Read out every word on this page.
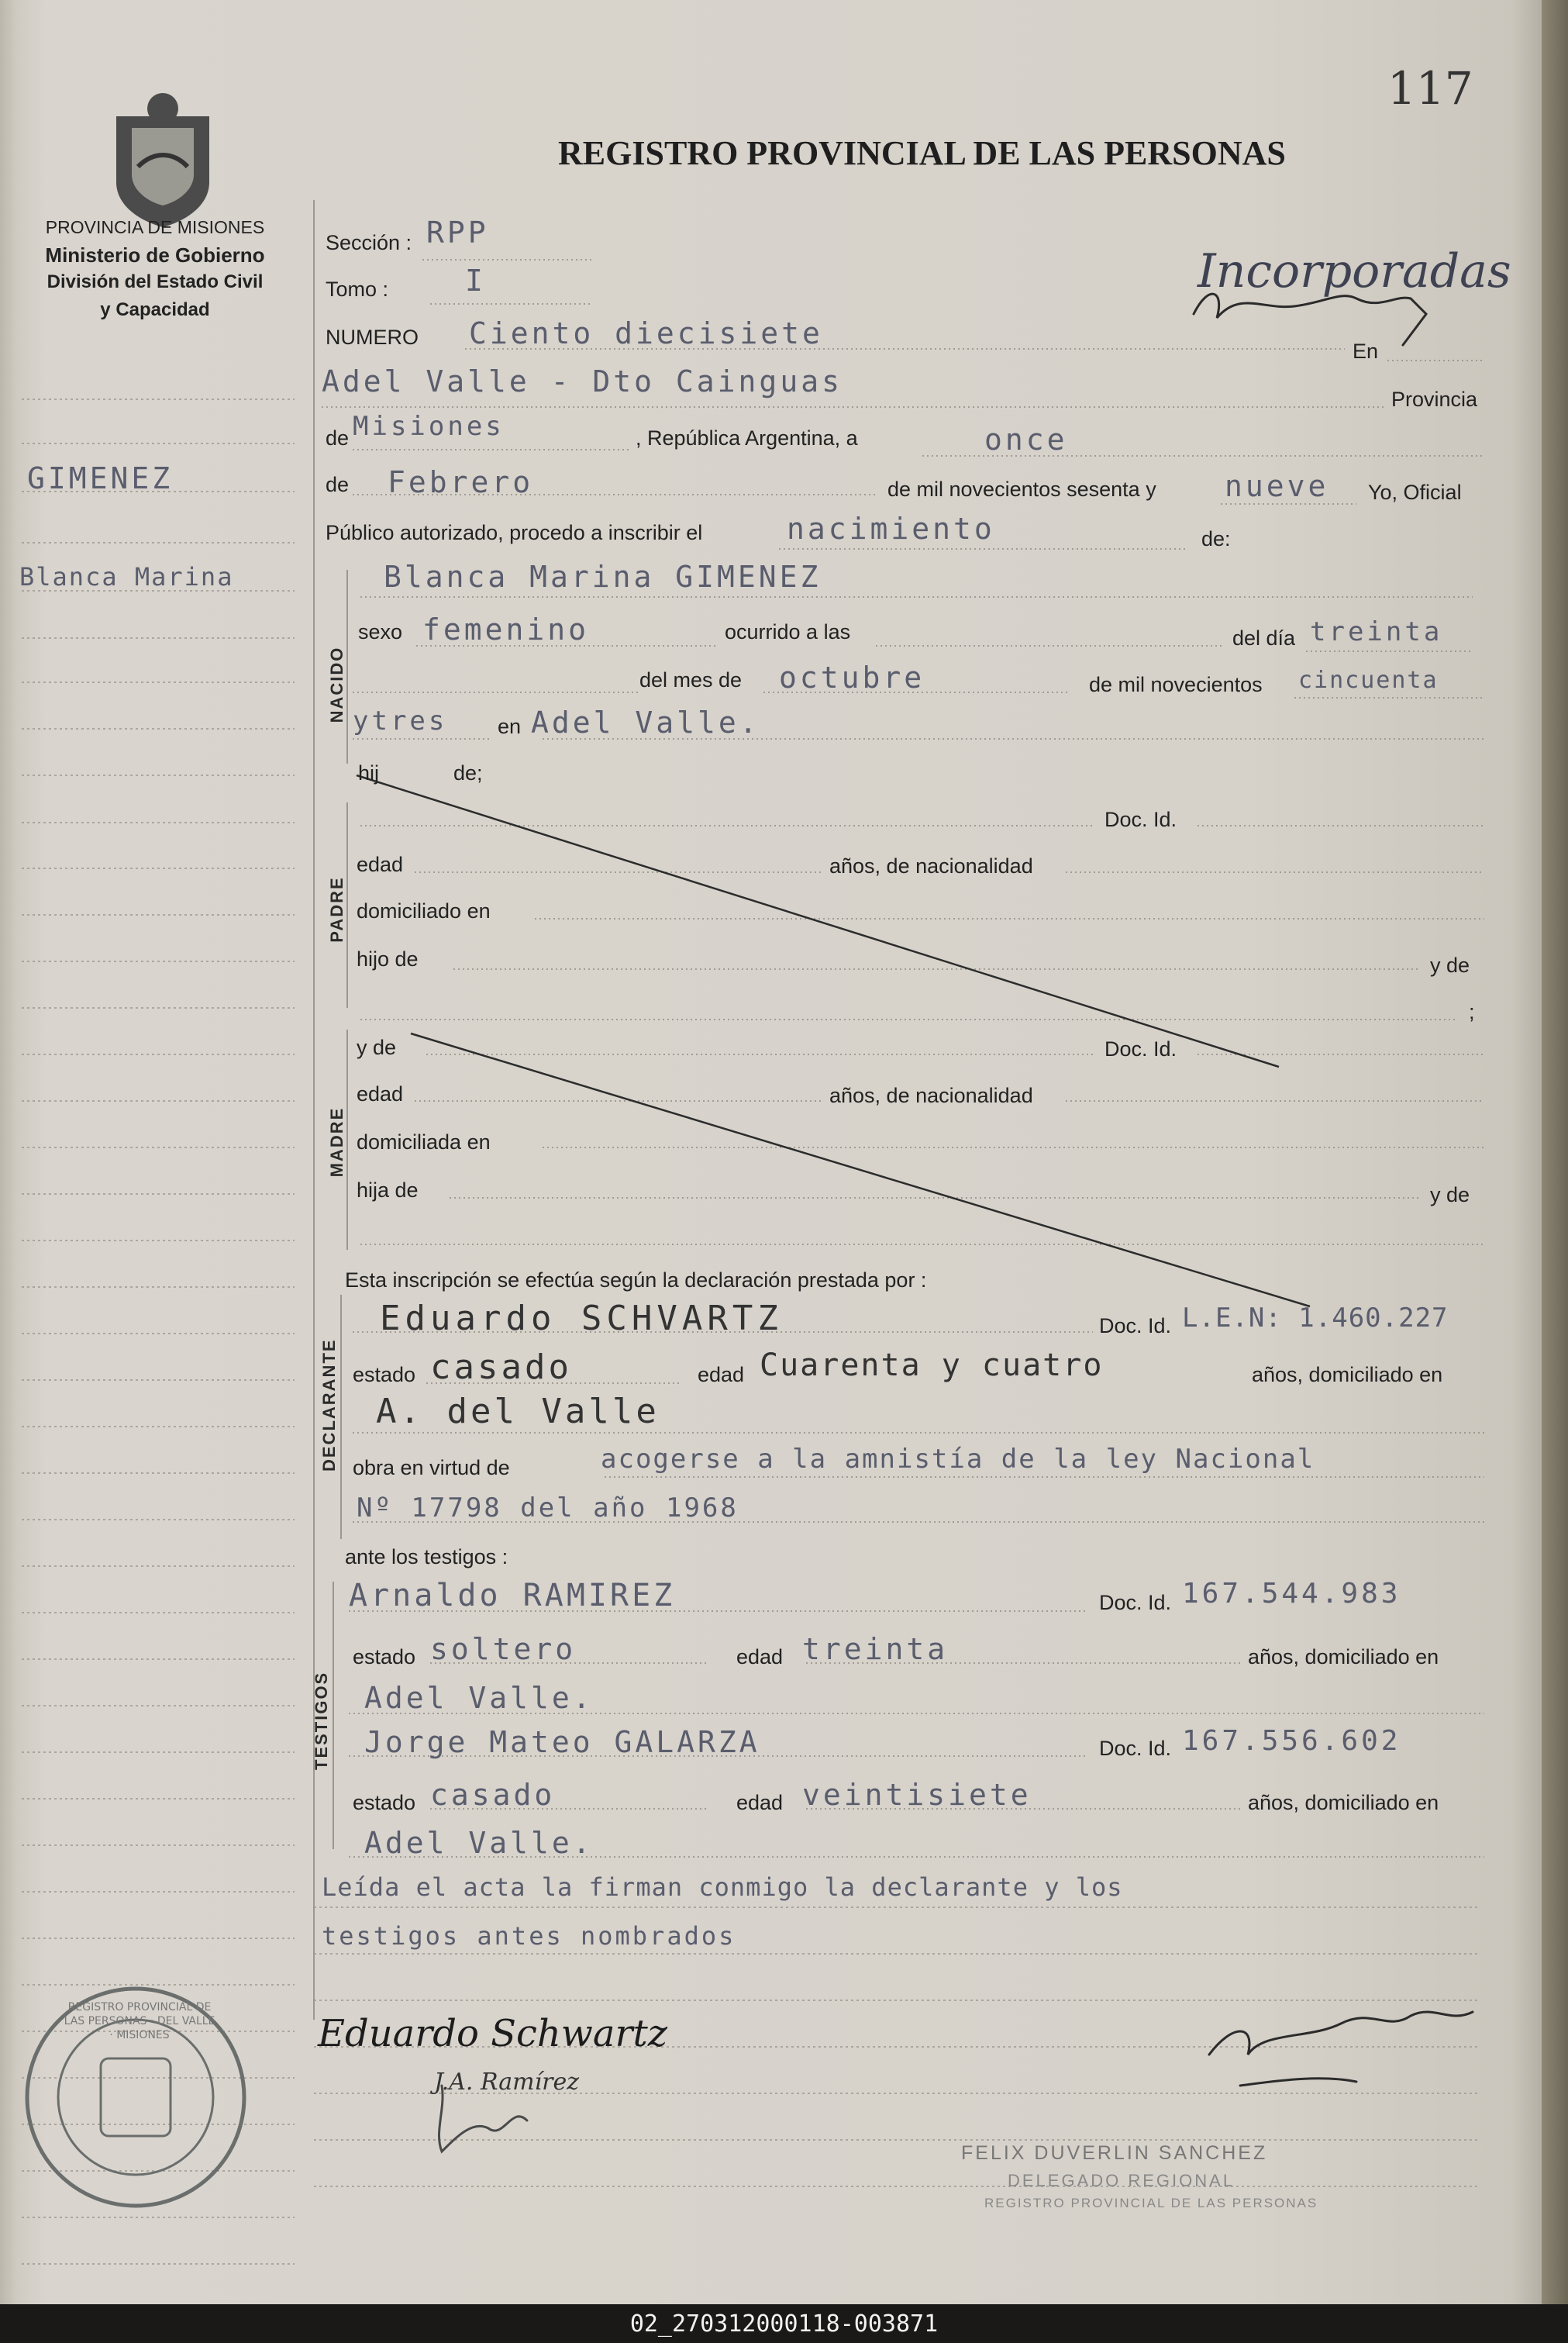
117
REGISTRO PROVINCIAL DE LAS PERSONAS
Incorporadas
PROVINCIA DE MISIONES
Ministerio de Gobierno
División del Estado Civil
y Capacidad
GIMENEZ
Blanca Marina
Sección : RPP
Tomo :	I
NUMERO Ciento diecisiete
En
Adel Valle - Dto Cainguas
Provincia
de Misiones	, República Argentina, a	once
de Febrero	de mil novecientos sesenta y nueve Yo, Oficial
Público autorizado, procedo a inscribir el	nacimiento	de:
Blanca Marina GIMENEZ
NACIDO
sexo femenino	ocurrido a las	del día treinta
del mes de octubre	de mil novecientos cincuenta
ytres en Adel Valle.
hij	de;
PADRE
Doc. Id.
edad	años, de nacionalidad
domiciliado en
hijo de	y de
;
MADRE
y de	Doc. Id.
edad	años, de nacionalidad
domiciliada en
hija de	y de
Esta inscripción se efectúa según la declaración prestada por :
DECLARANTE
Eduardo SCHVARTZ	Doc. Id. L.E.N: 1.460.227
estado casado	edad Cuarenta y cuatro	años, domiciliado en
A. del Valle
obra en virtud de	acogerse a la amnistía de la ley Nacional
Nº 17798 del año 1968
ante los testigos :
TESTIGOS
Arnaldo RAMIREZ	Doc. Id. 167.544.983
estado soltero	edad treinta	años, domiciliado en
Adel Valle.
Jorge Mateo GALARZA	Doc. Id. 167.556.602
estado casado	edad veintisiete	años, domiciliado en
Adel Valle.
Leída el acta la firman conmigo la declarante y los
testigos antes nombrados
Eduardo Schwartz
J.A. Ramírez
FELIX DUVERLIN SANCHEZ
DELEGADO REGIONAL
REGISTRO PROVINCIAL DE LAS PERSONAS
REGISTRO PROVINCIAL DE LAS PERSONAS · DEL VALLE · MISIONES
02_270312000118-003871
